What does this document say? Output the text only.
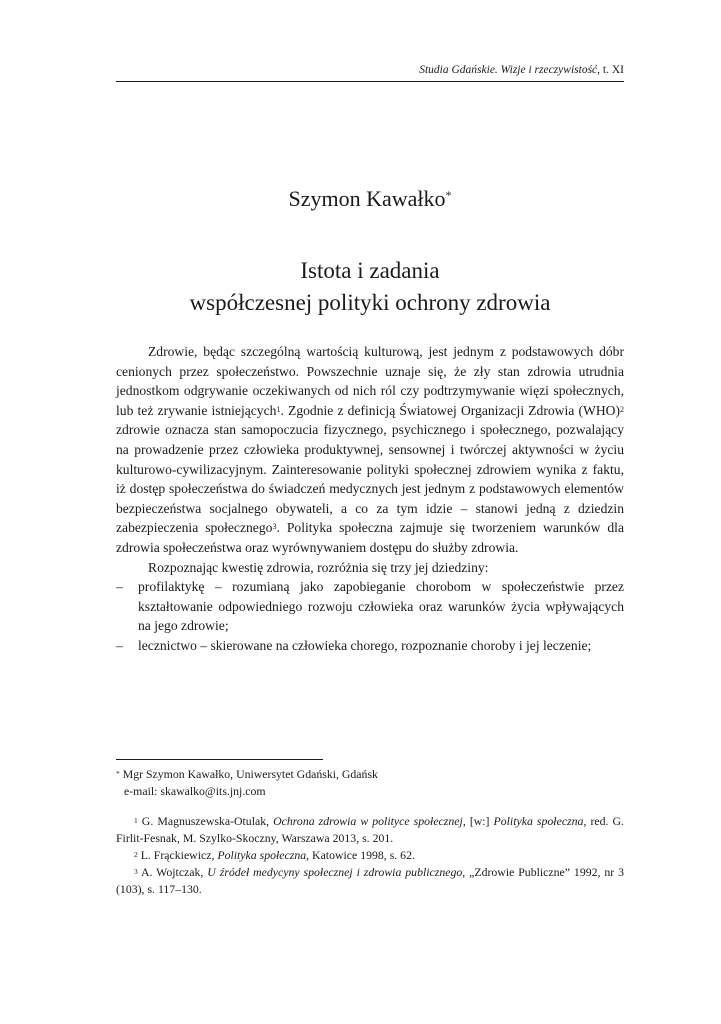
Studia Gdańskie. Wizje i rzeczywistość, t. XI
Szymon Kawałko*
Istota i zadania
współczesnej polityki ochrony zdrowia

Zdrowie, będąc szczególną wartością kulturową, jest jednym z podstawowych dóbr cenionych przez społeczeństwo. Powszechnie uznaje się, że zły stan zdrowia utrudnia jednostkom odgrywanie oczekiwanych od nich ról czy podtrzymywanie więzi społecznych, lub też zrywanie istniejących$^1$. Zgodnie z definicją Światowej Organizacji Zdrowia (WHO)$^2$ zdrowie oznacza stan samopoczucia fizycznego, psychicznego i społecznego, pozwalający na prowadzenie przez człowieka produktywnej, sensownej i twórczej aktywności w życiu kulturowo-cywilizacyjnym. Zainteresowanie polityki społecznej zdrowiem wynika z faktu, iż dostęp społeczeństwa do świadczeń medycznych jest jednym z podstawowych elementów bezpieczeństwa socjalnego obywateli, a co za tym idzie – stanowi jedną z dziedzin zabezpieczenia społecznego$^3$. Polityka społeczna zajmuje się tworzeniem warunków dla zdrowia społeczeństwa oraz wyrównywaniem dostępu do służby zdrowia.

Rozpoznając kwestię zdrowia, rozróżnia się trzy jej dziedziny:

– profilaktykę – rozumianą jako zapobieganie chorobom w społeczeństwie przez kształtowanie odpowiedniego rozwoju człowieka oraz warunków życia wpływających na jego zdrowie;
– lecznictwo – skierowane na człowieka chorego, rozpoznanie choroby i jej leczenie;
* Mgr Szymon Kawałko, Uniwersytet Gdański, Gdańsk
e-mail: skawalko@its.jnj.com

$^1$ G. Magnuszewska-Otulak, Ochrona zdrowia w polityce społecznej, [w:] Polityka społeczna, red. G. Firlit-Fesnak, M. Szylko-Skoczny, Warszawa 2013, s. 201.

$^2$ L. Frąckiewicz, Polityka społeczna, Katowice 1998, s. 62.

$^3$ A. Wojtczak, U źródeł medycyny społecznej i zdrowia publicznego, „Zdrowie Publiczne” 1992, nr 3 (103), s. 117–130.
